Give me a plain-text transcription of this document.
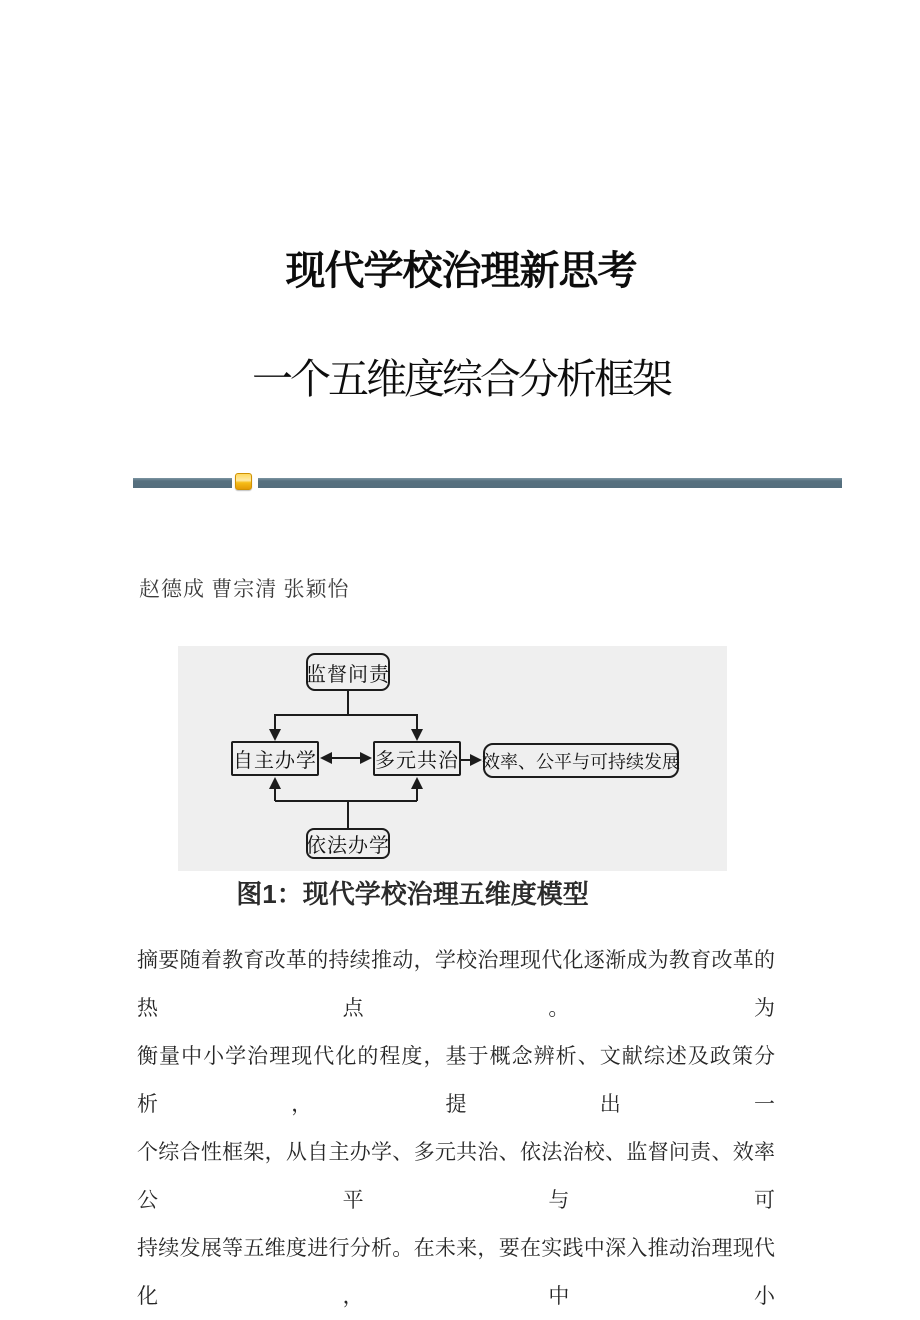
现代学校治理新思考
一个五维度综合分析框架
赵德成 曹宗清 张颖怡
监督问责
自主办学	多元共治 效率、公平与可持续发展
依法办学
图1：现代学校治理五维度模型
摘要随着教育改革的持续推动，学校治理现代化逐渐成为教育改革的热点。为
衡量中小学治理现代化的程度，基于概念辨析、文献综述及政策分析，提出一
个综合性框架，从自主办学、多元共治、依法治校、监督问责、效率公平与可
持续发展等五维度进行分析。在未来，要在实践中深入推动治理现代化，中小
